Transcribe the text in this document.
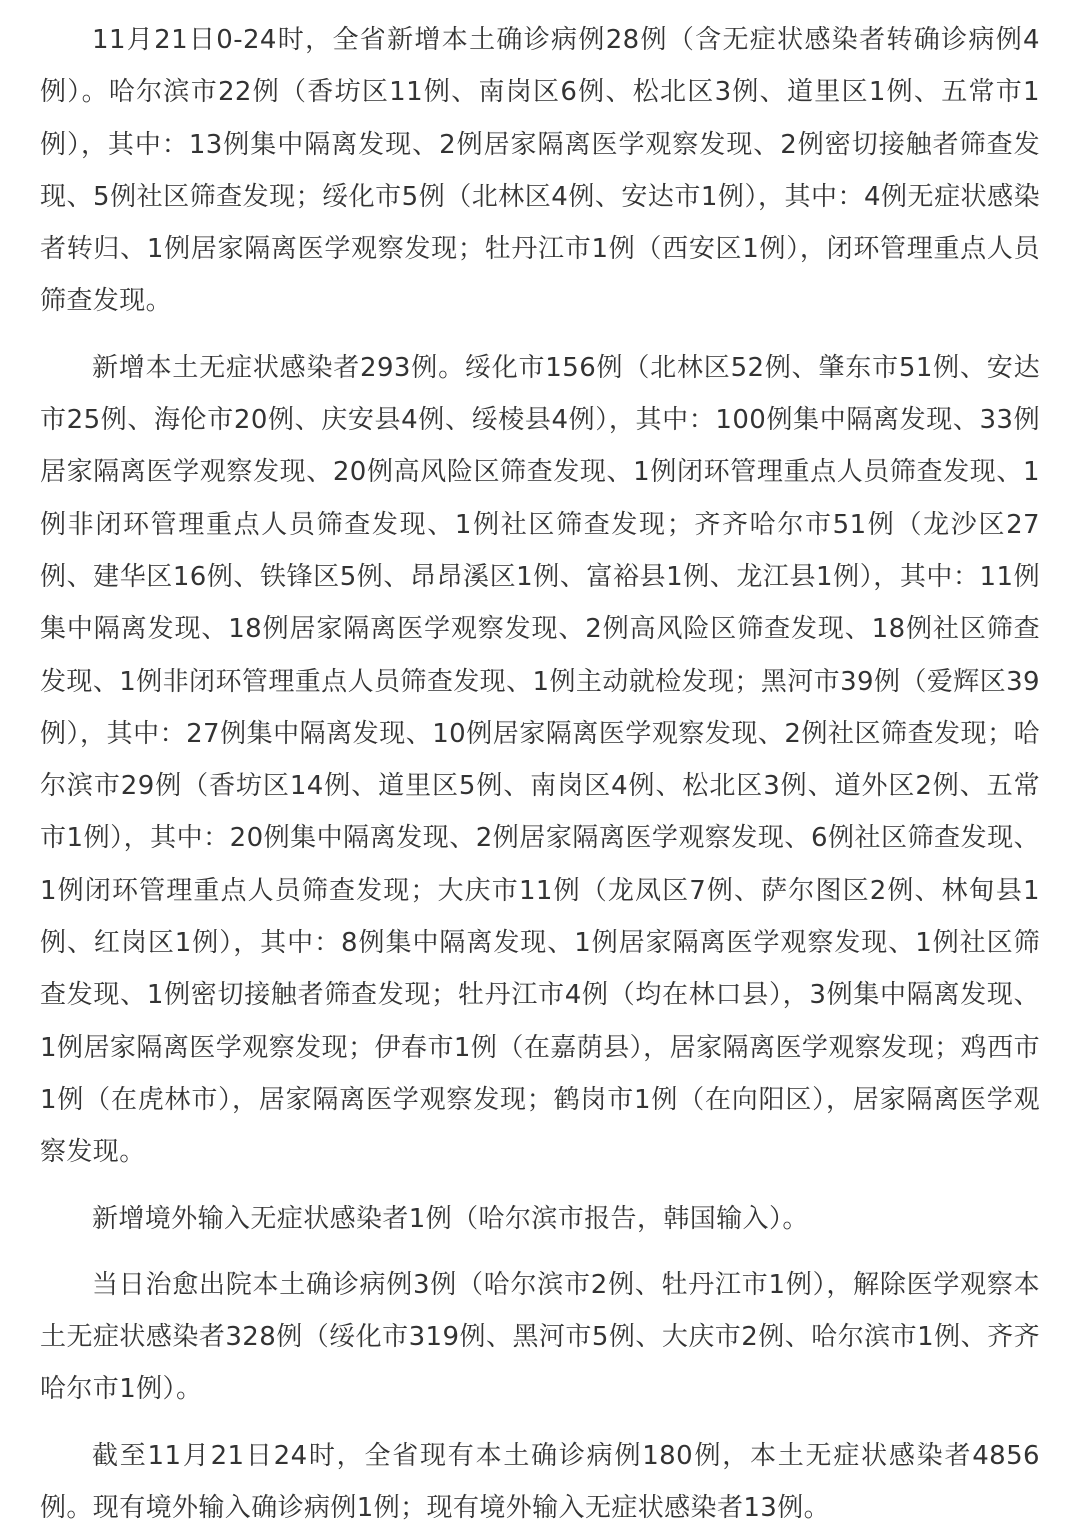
11月21日0-24时，全省新增本土确诊病例28例（含无症状感染者转确诊病例4例）。哈尔滨市22例（香坊区11例、南岗区6例、松北区3例、道里区1例、五常市1例），其中：13例集中隔离发现、2例居家隔离医学观察发现、2例密切接触者筛查发现、5例社区筛查发现；绥化市5例（北林区4例、安达市1例），其中：4例无症状感染者转归、1例居家隔离医学观察发现；牡丹江市1例（西安区1例），闭环管理重点人员筛查发现。

新增本土无症状感染者293例。绥化市156例（北林区52例、肇东市51例、安达市25例、海伦市20例、庆安县4例、绥棱县4例），其中：100例集中隔离发现、33例居家隔离医学观察发现、20例高风险区筛查发现、1例闭环管理重点人员筛查发现、1例非闭环管理重点人员筛查发现、1例社区筛查发现；齐齐哈尔市51例（龙沙区27例、建华区16例、铁锋区5例、昂昂溪区1例、富裕县1例、龙江县1例），其中：11例集中隔离发现、18例居家隔离医学观察发现、2例高风险区筛查发现、18例社区筛查发现、1例非闭环管理重点人员筛查发现、1例主动就检发现；黑河市39例（爱辉区39例），其中：27例集中隔离发现、10例居家隔离医学观察发现、2例社区筛查发现；哈尔滨市29例（香坊区14例、道里区5例、南岗区4例、松北区3例、道外区2例、五常市1例），其中：20例集中隔离发现、2例居家隔离医学观察发现、6例社区筛查发现、1例闭环管理重点人员筛查发现；大庆市11例（龙凤区7例、萨尔图区2例、林甸县1例、红岗区1例），其中：8例集中隔离发现、1例居家隔离医学观察发现、1例社区筛查发现、1例密切接触者筛查发现；牡丹江市4例（均在林口县），3例集中隔离发现、1例居家隔离医学观察发现；伊春市1例（在嘉荫县），居家隔离医学观察发现；鸡西市1例（在虎林市），居家隔离医学观察发现；鹤岗市1例（在向阳区），居家隔离医学观察发现。

新增境外输入无症状感染者1例（哈尔滨市报告，韩国输入）。

当日治愈出院本土确诊病例3例（哈尔滨市2例、牡丹江市1例），解除医学观察本土无症状感染者328例（绥化市319例、黑河市5例、大庆市2例、哈尔滨市1例、齐齐哈尔市1例）。

截至11月21日24时，全省现有本土确诊病例180例，本土无症状感染者4856例。现有境外输入确诊病例1例；现有境外输入无症状感染者13例。
